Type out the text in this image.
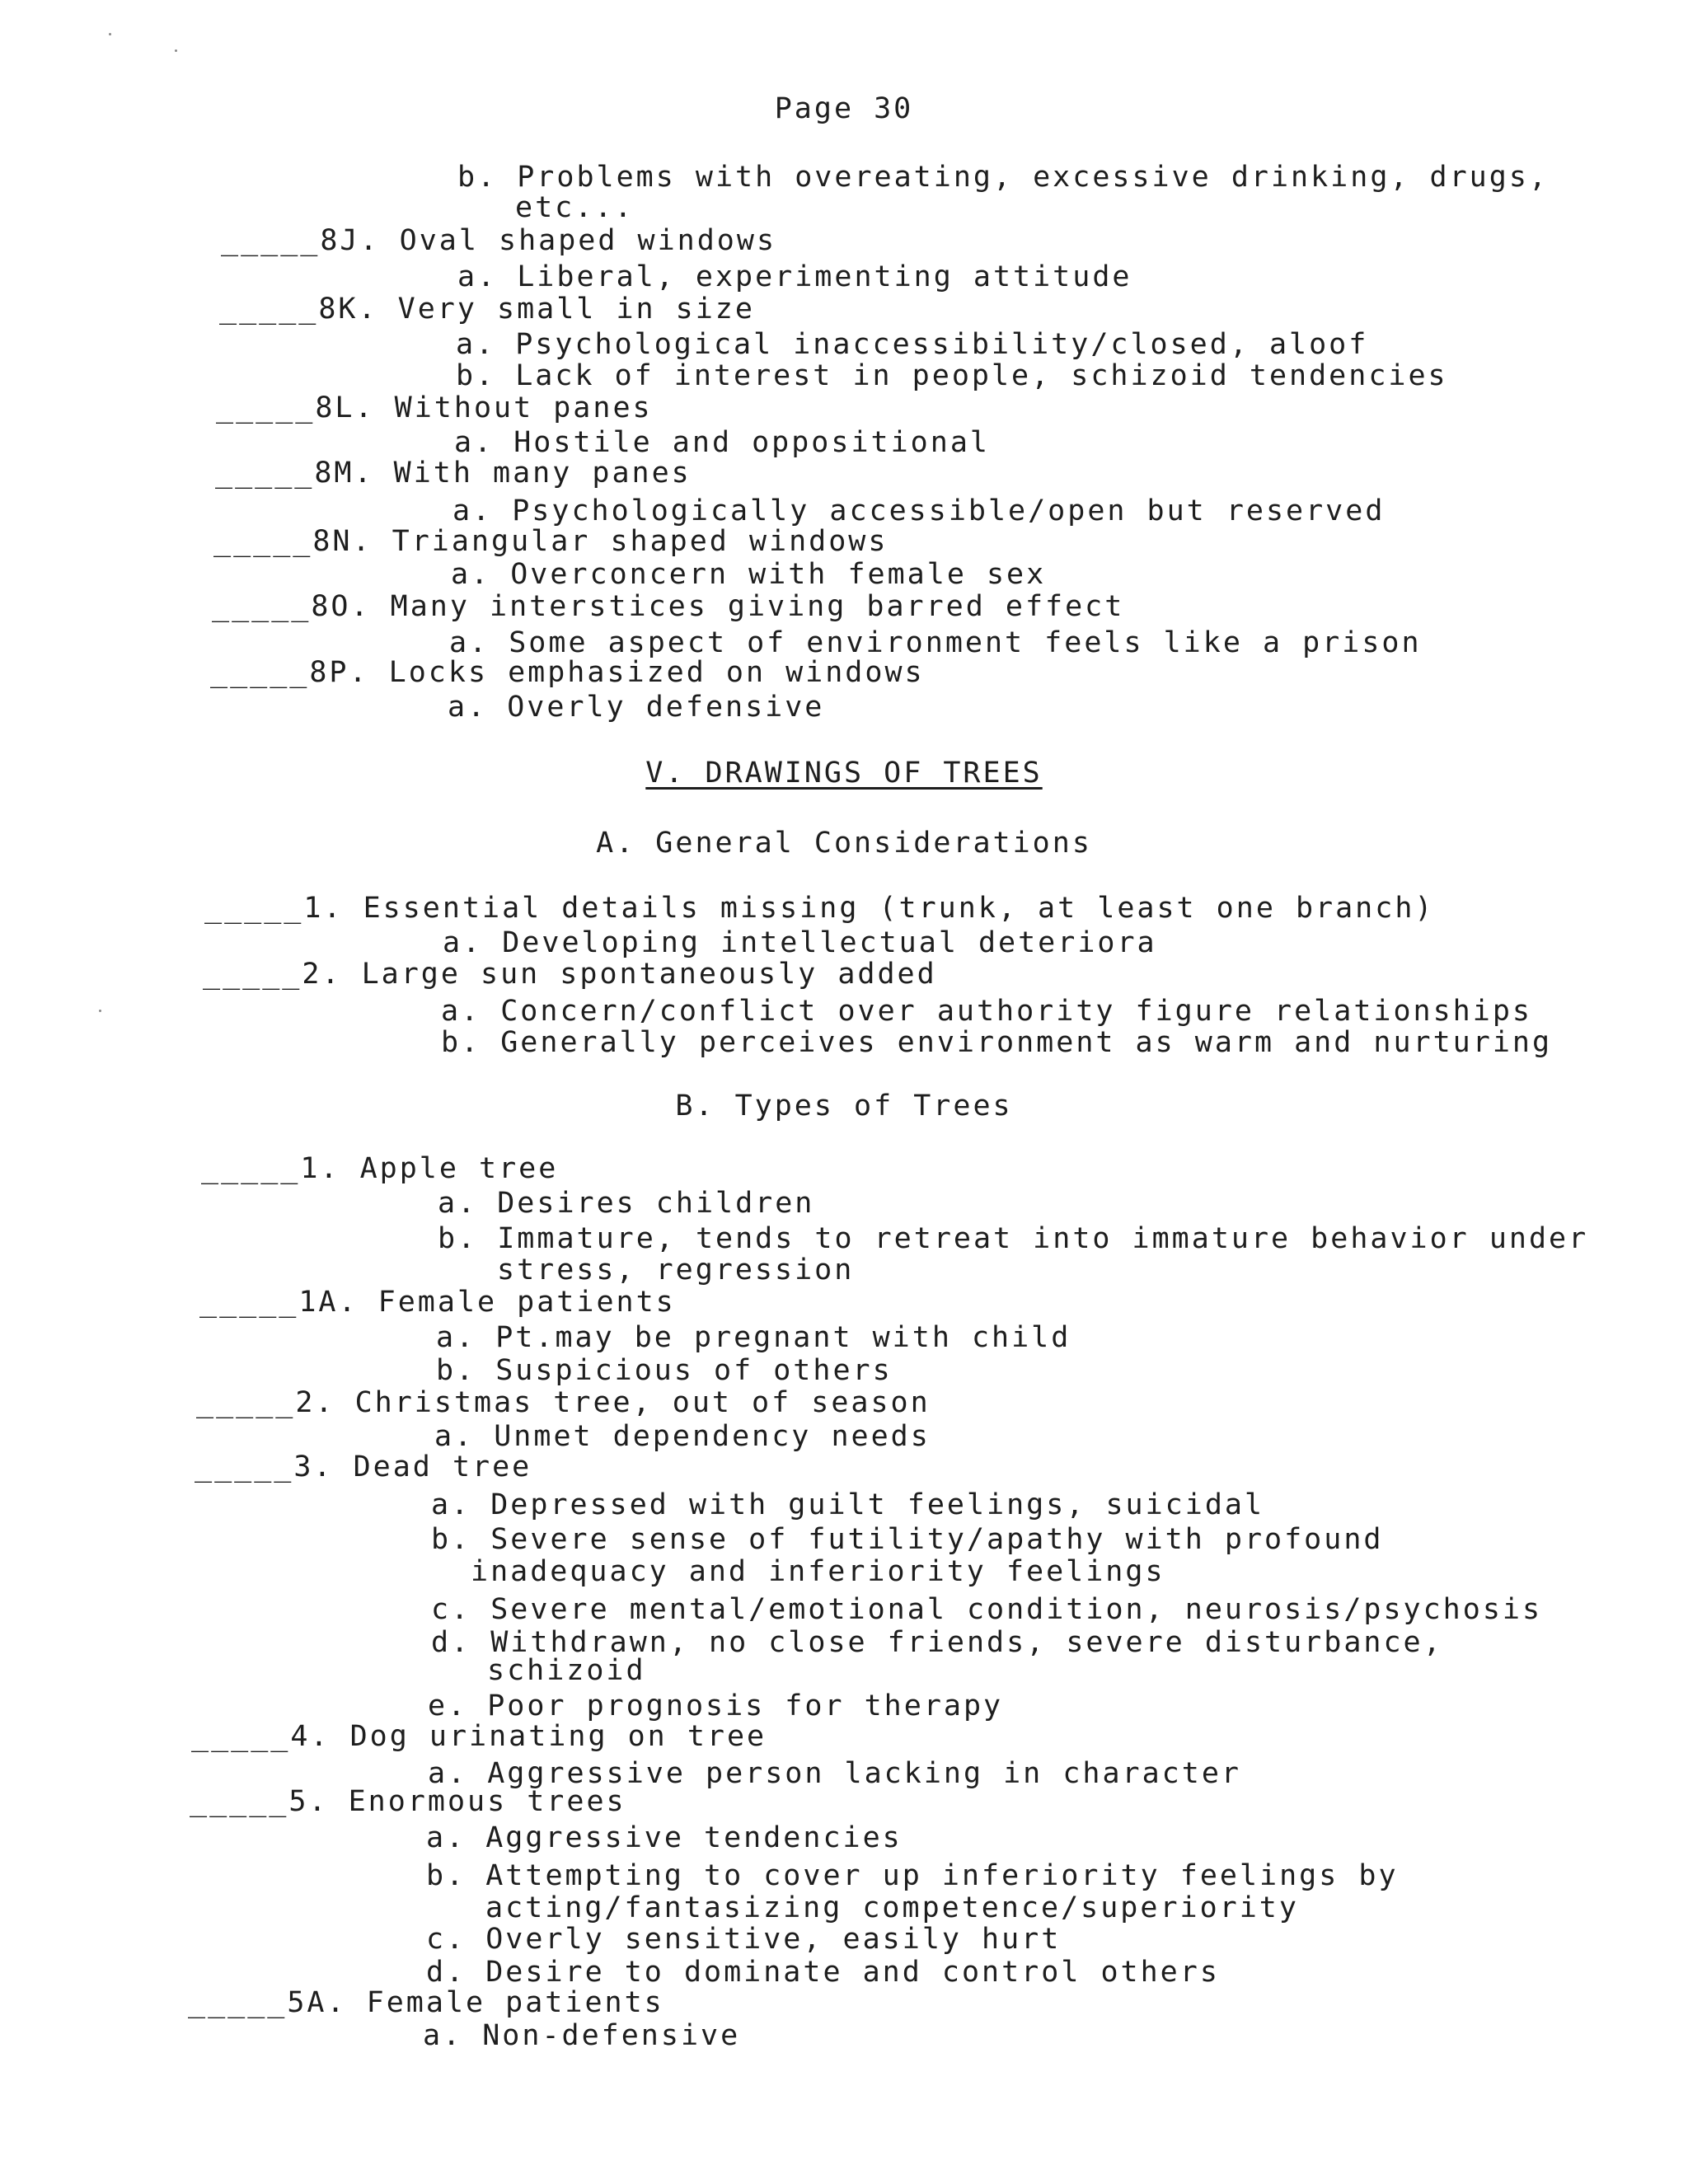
Page 30
b. Problems with overeating, excessive drinking, drugs,
etc...
_____8J. Oval shaped windows
a. Liberal, experimenting attitude
_____8K. Very small in size
a. Psychological inaccessibility/closed, aloof
b. Lack of interest in people, schizoid tendencies
_____8L. Without panes
a. Hostile and oppositional
_____8M. With many panes
a. Psychologically accessible/open but reserved
_____8N. Triangular shaped windows
a. Overconcern with female sex
_____8O. Many interstices giving barred effect
a. Some aspect of environment feels like a prison
_____8P. Locks emphasized on windows
a. Overly defensive
V. DRAWINGS OF TREES
A. General Considerations
_____1. Essential details missing (trunk, at least one branch)
a. Developing intellectual deteriora
_____2. Large sun spontaneously added
a. Concern/conflict over authority figure relationships
b. Generally perceives environment as warm and nurturing
B. Types of Trees
_____1. Apple tree
a. Desires children
b. Immature, tends to retreat into immature behavior under
stress, regression
_____1A. Female patients
a. Pt.may be pregnant with child
b. Suspicious of others
_____2. Christmas tree, out of season
a. Unmet dependency needs
_____3. Dead tree
a. Depressed with guilt feelings, suicidal
b. Severe sense of futility/apathy with profound
inadequacy and inferiority feelings
c. Severe mental/emotional condition, neurosis/psychosis
d. Withdrawn, no close friends, severe disturbance,
schizoid
e. Poor prognosis for therapy
_____4. Dog urinating on tree
a. Aggressive person lacking in character
_____5. Enormous trees
a. Aggressive tendencies
b. Attempting to cover up inferiority feelings by
acting/fantasizing competence/superiority
c. Overly sensitive, easily hurt
d. Desire to dominate and control others
_____5A. Female patients
a. Non-defensive
